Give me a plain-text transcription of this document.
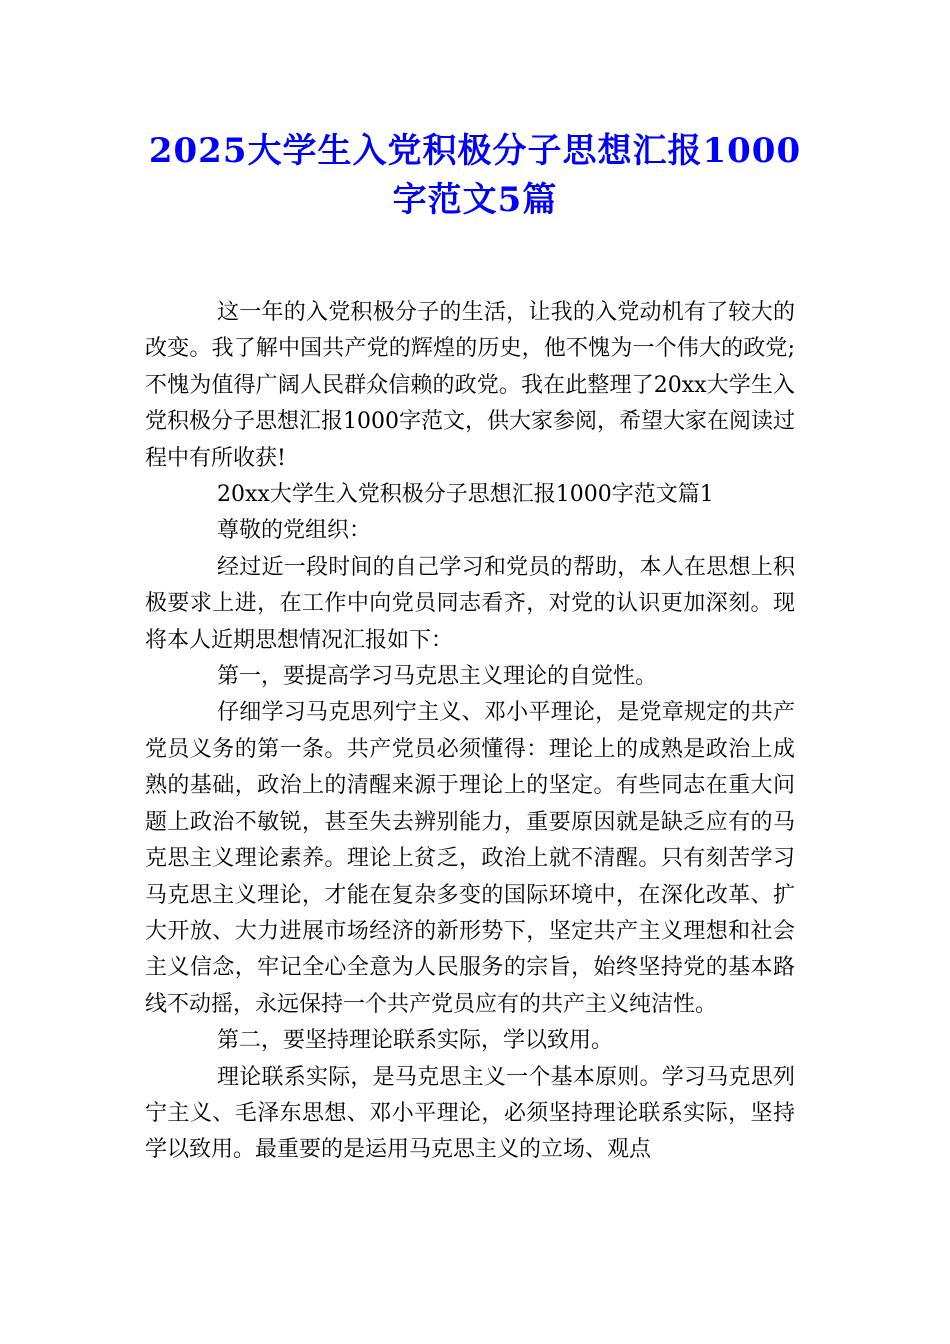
2025大学生入党积极分子思想汇报1000
字范文5篇

这一年的入党积极分子的生活，让我的入党动机有了较大的改变。我了解中国共产党的辉煌的历史，他不愧为一个伟大的政党;不愧为值得广阔人民群众信赖的政党。我在此整理了20xx大学生入党积极分子思想汇报1000字范文，供大家参阅，希望大家在阅读过程中有所收获!

20xx大学生入党积极分子思想汇报1000字范文篇1

尊敬的党组织：

经过近一段时间的自己学习和党员的帮助，本人在思想上积极要求上进，在工作中向党员同志看齐，对党的认识更加深刻。现将本人近期思想情况汇报如下：

第一，要提高学习马克思主义理论的自觉性。

仔细学习马克思列宁主义、邓小平理论，是党章规定的共产党员义务的第一条。共产党员必须懂得：理论上的成熟是政治上成熟的基础，政治上的清醒来源于理论上的坚定。有些同志在重大问题上政治不敏锐，甚至失去辨别能力，重要原因就是缺乏应有的马克思主义理论素养。理论上贫乏，政治上就不清醒。只有刻苦学习马克思主义理论，才能在复杂多变的国际环境中，在深化改革、扩大开放、大力进展市场经济的新形势下，坚定共产主义理想和社会主义信念，牢记全心全意为人民服务的宗旨，始终坚持党的基本路线不动摇，永远保持一个共产党员应有的共产主义纯洁性。

第二，要坚持理论联系实际，学以致用。

理论联系实际，是马克思主义一个基本原则。学习马克思列宁主义、毛泽东思想、邓小平理论，必须坚持理论联系实际，坚持学以致用。最重要的是运用马克思主义的立场、观点
